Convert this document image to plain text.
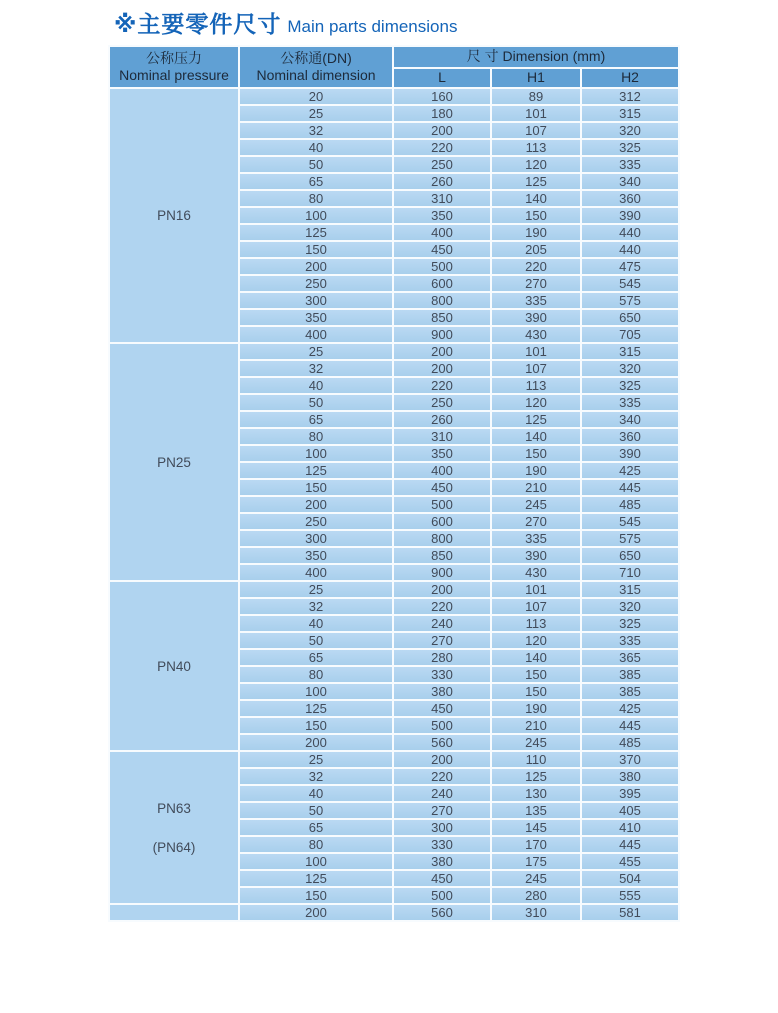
※主要零件尺寸 Main parts dimensions
公称压力
Nominal pressure

公称通(DN)
Nominal dimension
	尺 寸 Dimension (mm)
		L	H1	H2

PN16	20	160	89	312
	25	180	101	315
	32	200	107	320
	40	220	113	325
	50	250	120	335
	65	260	125	340
	80	310	140	360
	100	350	150	390
	125	400	190	440
	150	450	205	440
	200	500	220	475
	250	600	270	545
	300	800	335	575
	350	850	390	650
	400	900	430	705

PN25	25	200	101	315
	32	200	107	320
	40	220	113	325
	50	250	120	335
	65	260	125	340
	80	310	140	360
	100	350	150	390
	125	400	190	425
	150	450	210	445
	200	500	245	485
	250	600	270	545
	300	800	335	575
	350	850	390	650
	400	900	430	710

PN40	25	200	101	315
	32	220	107	320
	40	240	113	325
	50	270	120	335
	65	280	140	365
	80	330	150	385
	100	380	150	385
	125	450	190	425
	150	500	210	445
	200	560	245	485

PN63
(PN64)	25	200	110	370
	32	220	125	380
	40	240	130	395
	50	270	135	405
	65	300	145	410
	80	330	170	445
	100	380	175	455
	125	450	245	504
	150	500	280	555
	200	560	310	581
